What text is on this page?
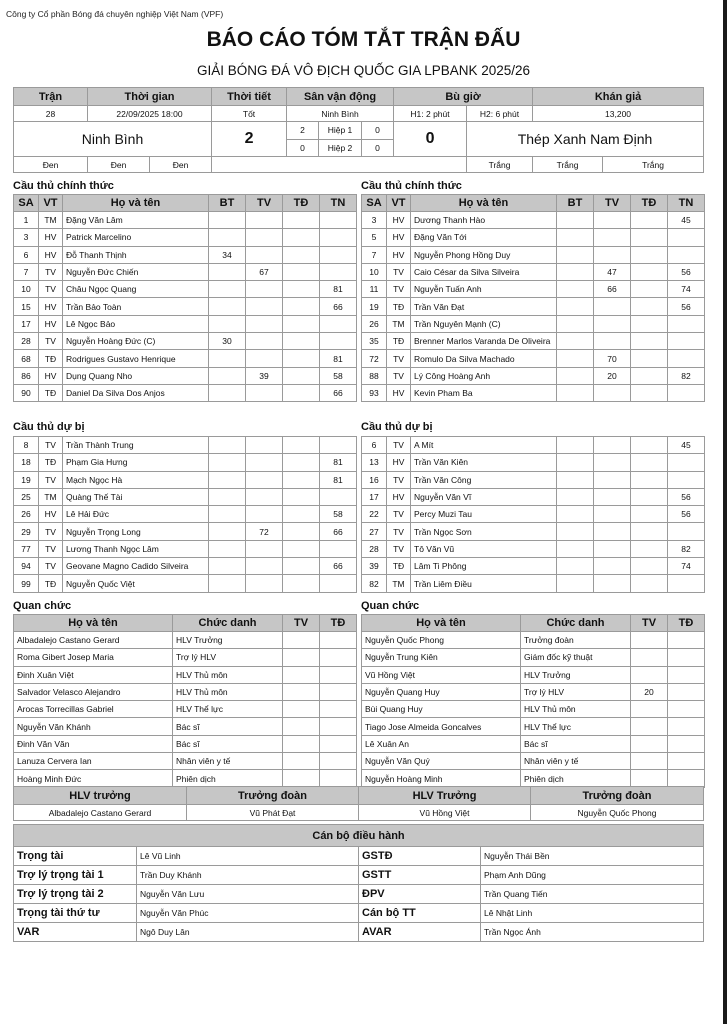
Công ty Cổ phần Bóng đá chuyên nghiệp Việt Nam (VPF)
BÁO CÁO TÓM TẮT TRẬN ĐẤU
GIẢI BÓNG ĐÁ VÔ ĐỊCH QUỐC GIA LPBANK 2025/26
Trận	Thời gian		Thời tiết	Sân vận động			Bù giờ		Khán giả	
28	22/09/2025 18:00		Tốt	Ninh Bình			H1: 2 phút	H2: 6 phút	13,200	
Ninh Bình			2	2	Hiệp 1	0	0	Thép Xanh Nam Định		
				0	Hiệp 2	0				
Đen	Đen	Đen						Trắng	Trắng	Trắng
Cầu thủ chính thức	Cầu thủ chính thức
Cầu thủ dự bị	Cầu thủ dự bị
Quan chức	Quan chức
SA	VT	Họ và tên	BT	TV	TĐ	TN
1	TM	Đặng Văn Lâm				
3	HV	Patrick Marcelino				
6	HV	Đỗ Thanh Thịnh	34			
7	TV	Nguyễn Đức Chiến		67		
10	TV	Châu Ngọc Quang				81
15	HV	Trần Bảo Toàn				66
17	HV	Lê Ngọc Bảo				
28	TV	Nguyễn Hoàng Đức (C)	30			
68	TĐ	Rodrigues Gustavo Henrique				81
86	HV	Dụng Quang Nho		39		58
90	TĐ	Daniel Da Silva Dos Anjos				66
SA	VT	Họ và tên	BT	TV	TĐ	TN
3	HV	Dương Thanh Hào				45
5	HV	Đặng Văn Tới				
7	HV	Nguyễn Phong Hồng Duy				
10	TV	Caio César da Silva Silveira		47		56
11	TV	Nguyễn Tuấn Anh		66		74
19	TĐ	Trần Văn Đạt				56
26	TM	Trần Nguyên Mạnh (C)				
35	TĐ	Brenner Marlos Varanda De Oliveira				
72	TV	Romulo Da Silva Machado		70		
88	TV	Lý Công Hoàng Anh		20		82
93	HV	Kevin Pham Ba				
8	TV	Trần Thành Trung				
18	TĐ	Phạm Gia Hưng				81
19	TV	Mạch Ngọc Hà				81
25	TM	Quàng Thế Tài				
26	HV	Lê Hải Đức				58
29	TV	Nguyễn Trọng Long		72		66
77	TV	Lương Thanh Ngọc Lâm				
94	TV	Geovane Magno Cadido Silveira				66
99	TĐ	Nguyễn Quốc Việt				
6	TV	A Mít				45
13	HV	Trần Văn Kiên				
16	TV	Trần Văn Công				
17	HV	Nguyễn Văn Vĩ				56
22	TV	Percy Muzi Tau				56
27	TV	Trần Ngọc Sơn				
28	TV	Tô Văn Vũ				82
39	TĐ	Lâm Ti Phông				74
82	TM	Trần Liêm Điều				
Họ và tên	Chức danh	TV	TĐ
Albadalejo Castano Gerard	HLV Trưởng		
Roma Gibert Josep Maria	Trợ lý HLV		
Đinh Xuân Việt	HLV Thủ môn		
Salvador Velasco Alejandro	HLV Thủ môn		
Arocas Torrecillas Gabriel	HLV Thể lực		
Nguyễn Văn Khánh	Bác sĩ		
Đinh Văn Văn	Bác sĩ		
Lanuza Cervera Ian	Nhân viên y tế		
Hoàng Minh Đức	Phiên dịch		
Họ và tên	Chức danh	TV	TĐ
Nguyễn Quốc Phong	Trưởng đoàn		
Nguyễn Trung Kiên	Giám đốc kỹ thuật		
Vũ Hồng Việt	HLV Trưởng		
Nguyễn Quang Huy	Trợ lý HLV	20	
Bùi Quang Huy	HLV Thủ môn		
Tiago Jose Almeida Goncalves	HLV Thể lực		
Lê Xuân An	Bác sĩ		
Nguyễn Văn Quý	Nhân viên y tế		
Nguyễn Hoàng Minh	Phiên dịch		
HLV trưởng	Trưởng đoàn	HLV Trưởng	Trưởng đoàn
Albadalejo Castano Gerard	Vũ Phát Đạt	Vũ Hồng Việt	Nguyễn Quốc Phong
Cán bộ điều hành			
Trọng tài	Lê Vũ Linh	GSTĐ	Nguyễn Thái Bền
Trợ lý trọng tài 1	Trần Duy Khánh	GSTT	Phạm Anh Dũng
Trợ lý trọng tài 2	Nguyễn Văn Lưu	ĐPV	Trần Quang Tiến
Trọng tài thứ tư	Nguyễn Văn Phúc	Cán bộ TT	Lê Nhật Linh
VAR	Ngô Duy Lân	AVAR	Trần Ngọc Ánh
